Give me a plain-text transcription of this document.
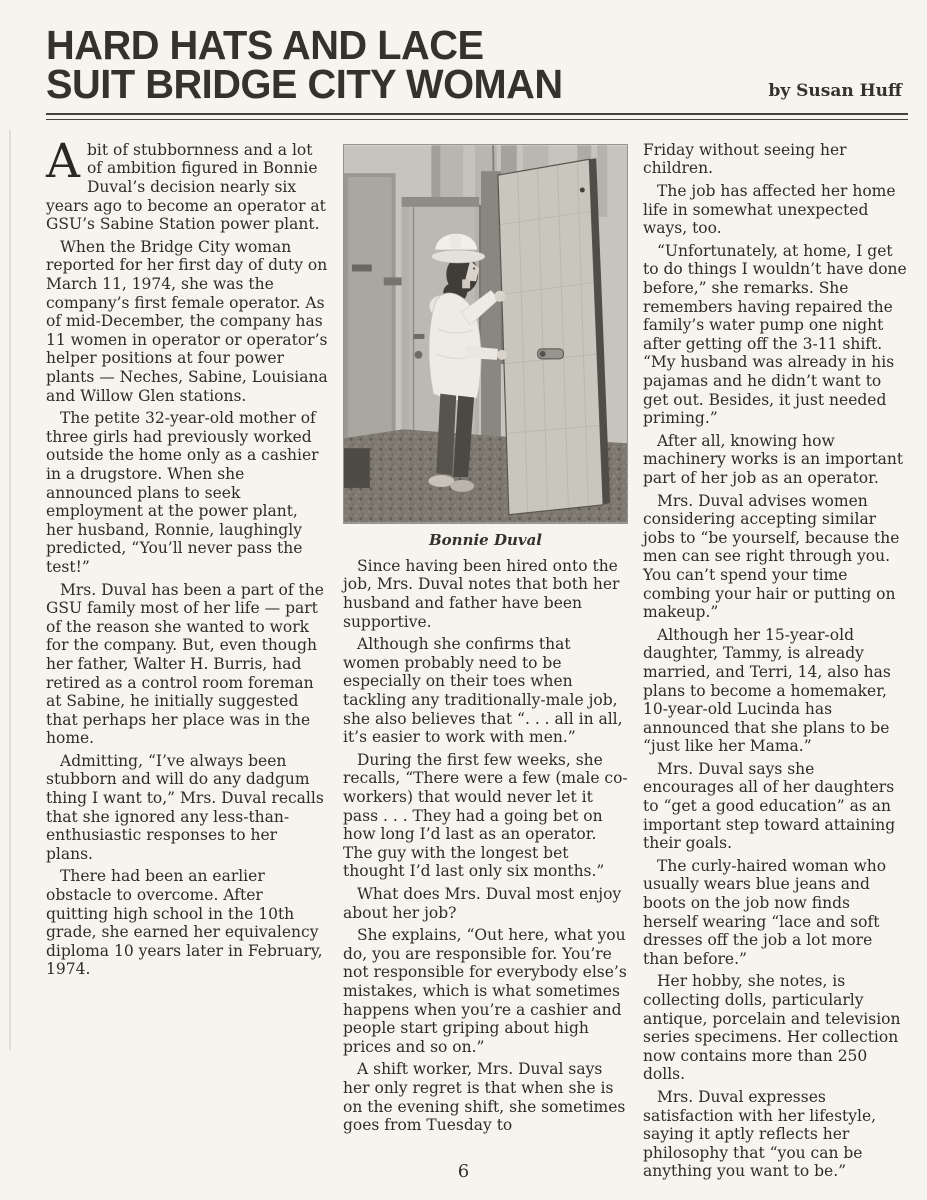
HARD HATS AND LACE
SUIT BRIDGE CITY WOMAN	by Susan Huff

Abit of stubbornness and a lot of ambition figured in Bonnie Duval’s decision nearly six years ago to become an operator at GSU’s Sabine Station power plant.

When the Bridge City woman reported for her first day of duty on March 11, 1974, she was the company’s first female operator. As of mid-December, the company has 11 women in operator or operator’s helper positions at four power plants — Neches, Sabine, Louisiana and Willow Glen stations.

The petite 32-year-old mother of three girls had previously worked outside the home only as a cashier in a drugstore. When she announced plans to seek employment at the power plant, her husband, Ronnie, laughingly predicted, “You’ll never pass the test!”

Mrs. Duval has been a part of the GSU family most of her life — part of the reason she wanted to work for the company. But, even though her father, Walter H. Burris, had retired as a control room foreman at Sabine, he initially suggested that perhaps her place was in the home.

Admitting, “I’ve always been stubborn and will do any dadgum thing I want to,” Mrs. Duval recalls that she ignored any less-than-enthusiastic responses to her plans.

There had been an earlier obstacle to overcome. After quitting high school in the 10th grade, she earned her equivalency diploma 10 years later in February, 1974.

Bonnie Duval

Since having been hired onto the job, Mrs. Duval notes that both her husband and father have been supportive.

Although she confirms that women probably need to be especially on their toes when tackling any traditionally-male job, she also believes that “. . . all in all, it’s easier to work with men.”

During the first few weeks, she recalls, “There were a few (male co-workers) that would never let it pass . . . They had a going bet on how long I’d last as an operator. The guy with the longest bet thought I’d last only six months.”

What does Mrs. Duval most enjoy about her job?

She explains, “Out here, what you do, you are responsible for. You’re not responsible for everybody else’s mistakes, which is what sometimes happens when you’re a cashier and people start griping about high prices and so on.”

A shift worker, Mrs. Duval says her only regret is that when she is on the evening shift, she sometimes goes from Tuesday to

Friday without seeing her children.

The job has affected her home life in somewhat unexpected ways, too.

“Unfortunately, at home, I get to do things I wouldn’t have done before,” she remarks. She remembers having repaired the family’s water pump one night after getting off the 3-11 shift. “My husband was already in his pajamas and he didn’t want to get out. Besides, it just needed priming.”

After all, knowing how machinery works is an important part of her job as an operator.

Mrs. Duval advises women considering accepting similar jobs to “be yourself, because the men can see right through you. You can’t spend your time combing your hair or putting on makeup.”

Although her 15-year-old daughter, Tammy, is already married, and Terri, 14, also has plans to become a homemaker, 10-year-old Lucinda has announced that she plans to be “just like her Mama.”

Mrs. Duval says she encourages all of her daughters to “get a good education” as an important step toward attaining their goals.

The curly-haired woman who usually wears blue jeans and boots on the job now finds herself wearing “lace and soft dresses off the job a lot more than before.”

Her hobby, she notes, is collecting dolls, particularly antique, porcelain and television series specimens. Her collection now contains more than 250 dolls.

Mrs. Duval expresses satisfaction with her lifestyle, saying it aptly reflects her philosophy that “you can be anything you want to be.”

6
